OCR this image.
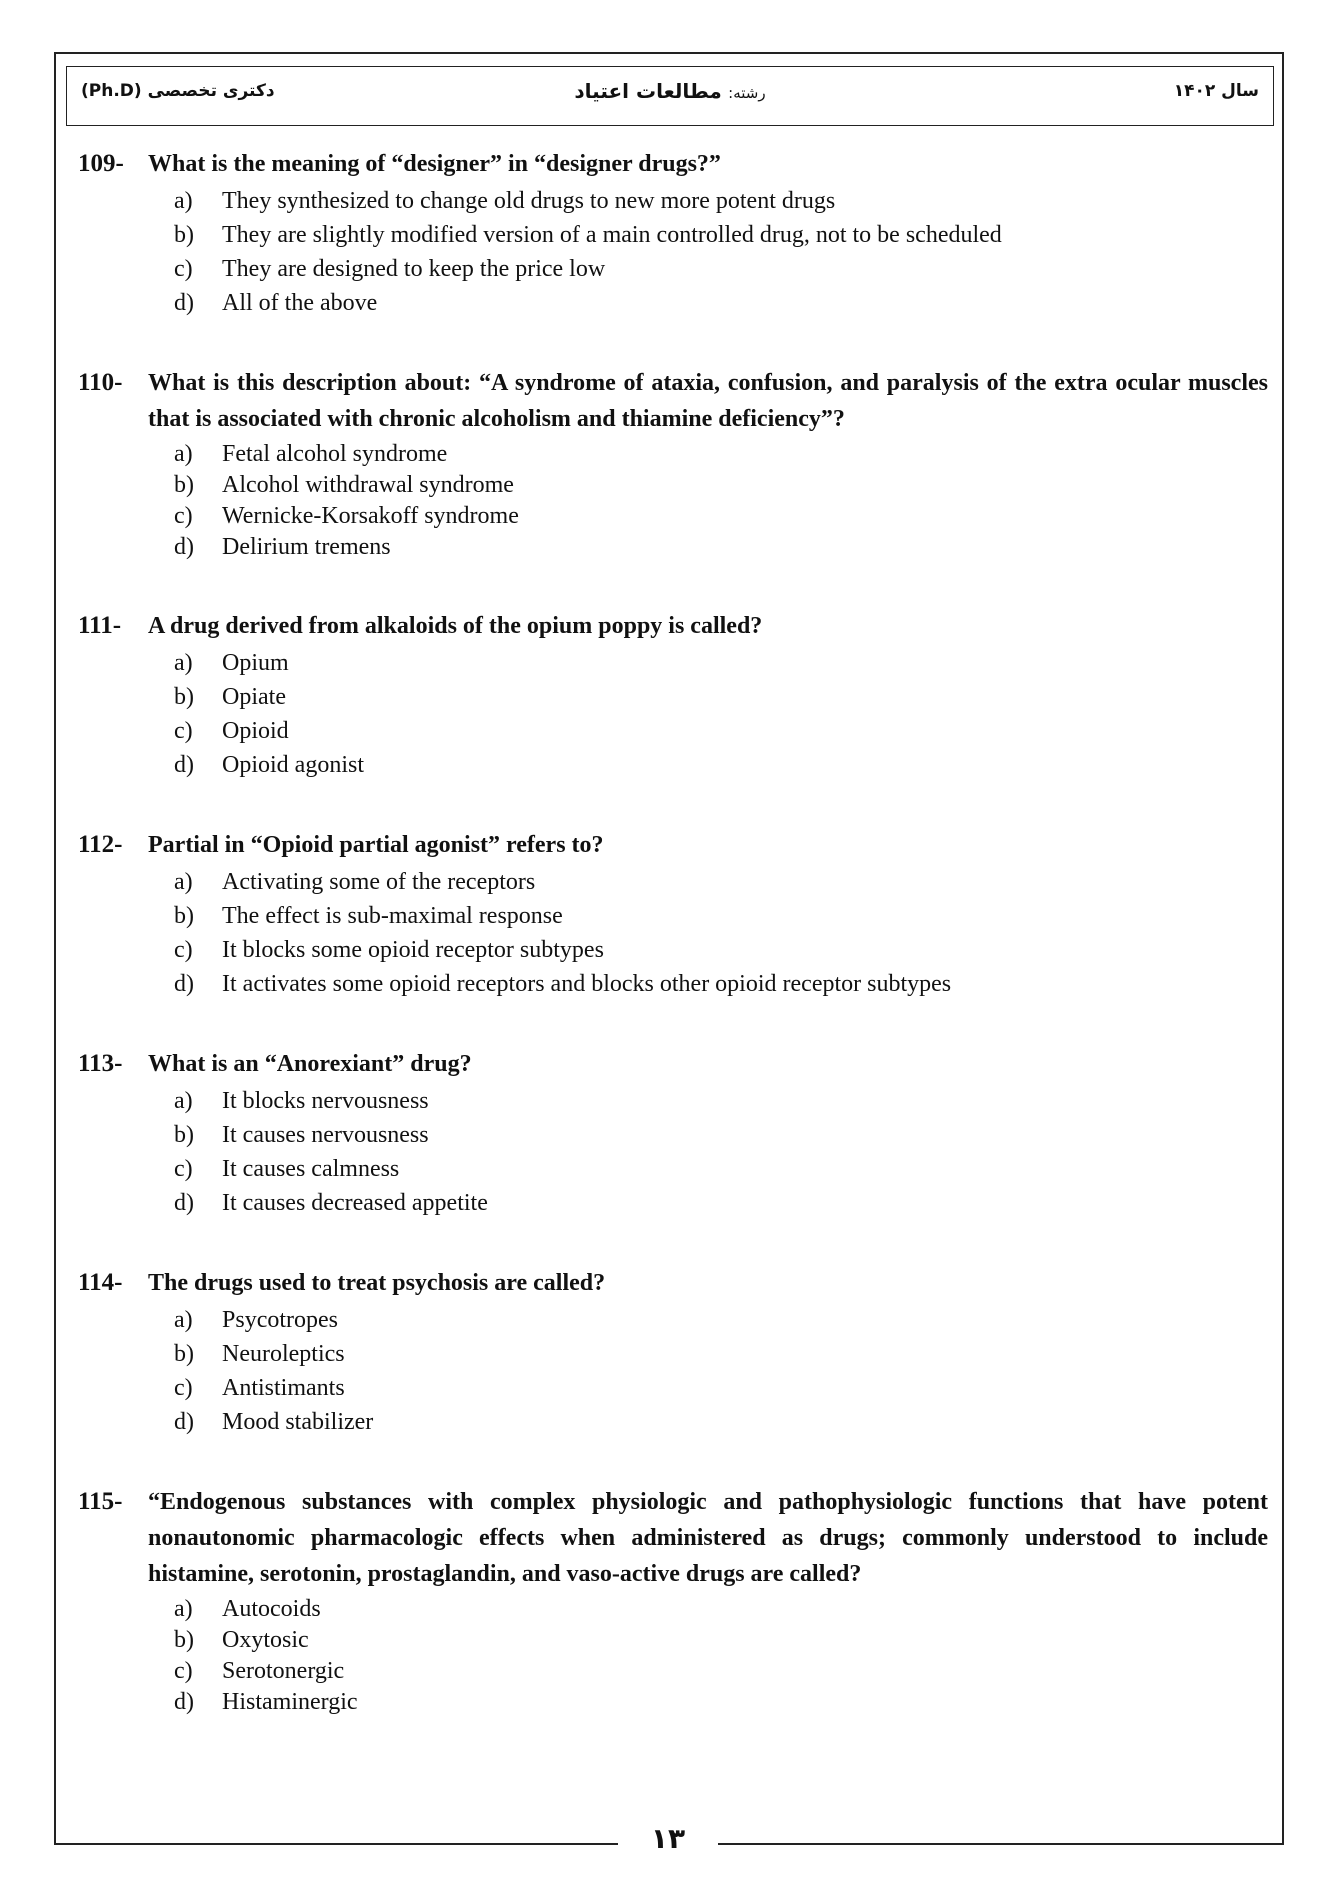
سال ۱۴۰۲
رشته: مطالعات اعتیاد
دکتری تخصصی (Ph.D)
109-	What is the meaning of “designer” in “designer drugs?”
a)	They synthesized to change old drugs to new more potent drugs
b)	They are slightly modified version of a main controlled drug, not to be scheduled
c)	They are designed to keep the price low
d)	All of the above
110-	What is this description about: “A syndrome of ataxia, confusion, and paralysis of the extra ocular muscles that is associated with chronic alcoholism and thiamine deficiency”?
a)	Fetal alcohol syndrome
b)	Alcohol withdrawal syndrome
c)	Wernicke-Korsakoff syndrome
d)	Delirium tremens
111-	A drug derived from alkaloids of the opium poppy is called?
a)	Opium
b)	Opiate
c)	Opioid
d)	Opioid agonist
112-	Partial in “Opioid partial agonist” refers to?
a)	Activating some of the receptors
b)	The effect is sub-maximal response
c)	It blocks some opioid receptor subtypes
d)	It activates some opioid receptors and blocks other opioid receptor subtypes
113-	What is an “Anorexiant” drug?
a)	It blocks nervousness
b)	It causes nervousness
c)	It causes calmness
d)	It causes decreased appetite
114-	The drugs used to treat psychosis are called?
a)	Psycotropes
b)	Neuroleptics
c)	Antistimants
d)	Mood stabilizer
115-	“Endogenous substances with complex physiologic and pathophysiologic functions that have potent nonautonomic pharmacologic effects when administered as drugs; commonly understood to include histamine, serotonin, prostaglandin, and vaso-active drugs are called?
a)	Autocoids
b)	Oxytosic
c)	Serotonergic
d)	Histaminergic
۱۳
